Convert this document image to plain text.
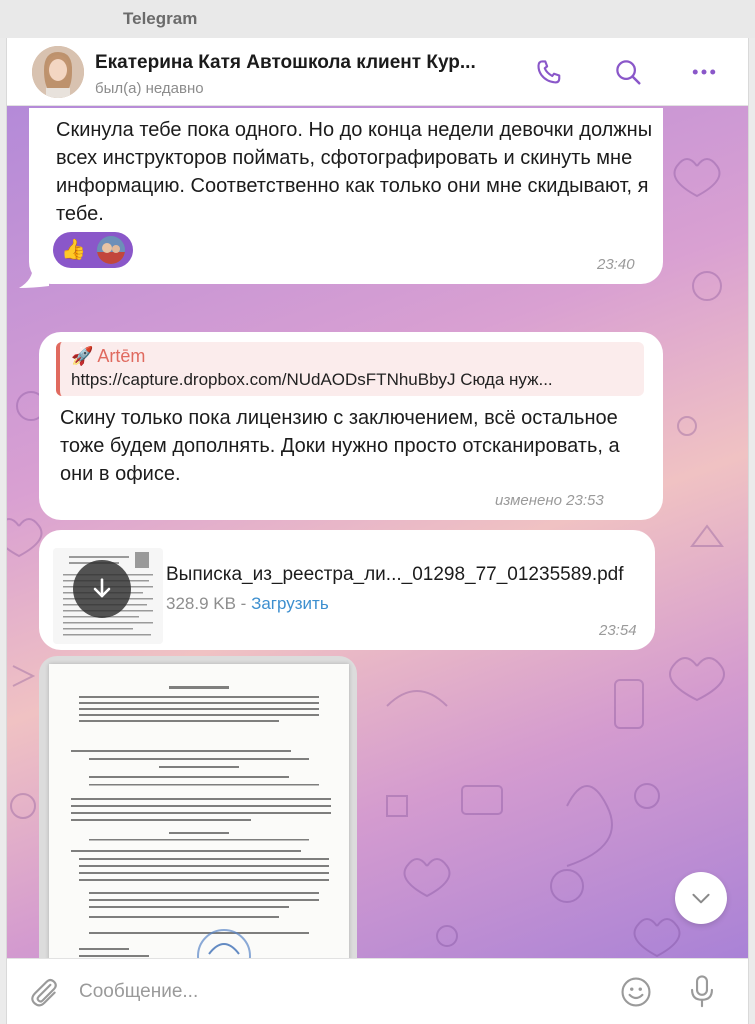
Telegram
Екатерина Катя Автошкола клиент Кур...
был(а) недавно
Скинула тебе пока одного. Но до конца недели девочки должны всех инструкторов поймать, сфотографировать и скинуть мне информацию. Соответственно как только они мне скидывают, я тебе.
👍
23:40
🚀 Artēm
https://capture.dropbox.com/NUdAODsFTNhuBbyJ Сюда нуж...
Скину только пока лицензию с заключением, всё остальное тоже будем дополнять. Доки нужно просто отсканировать, а они в офисе.
изменено 23:53
Выписка_из_реестра_ли..._01298_77_01235589.pdf
328.9 KB - Загрузить
23:54
Сообщение...
